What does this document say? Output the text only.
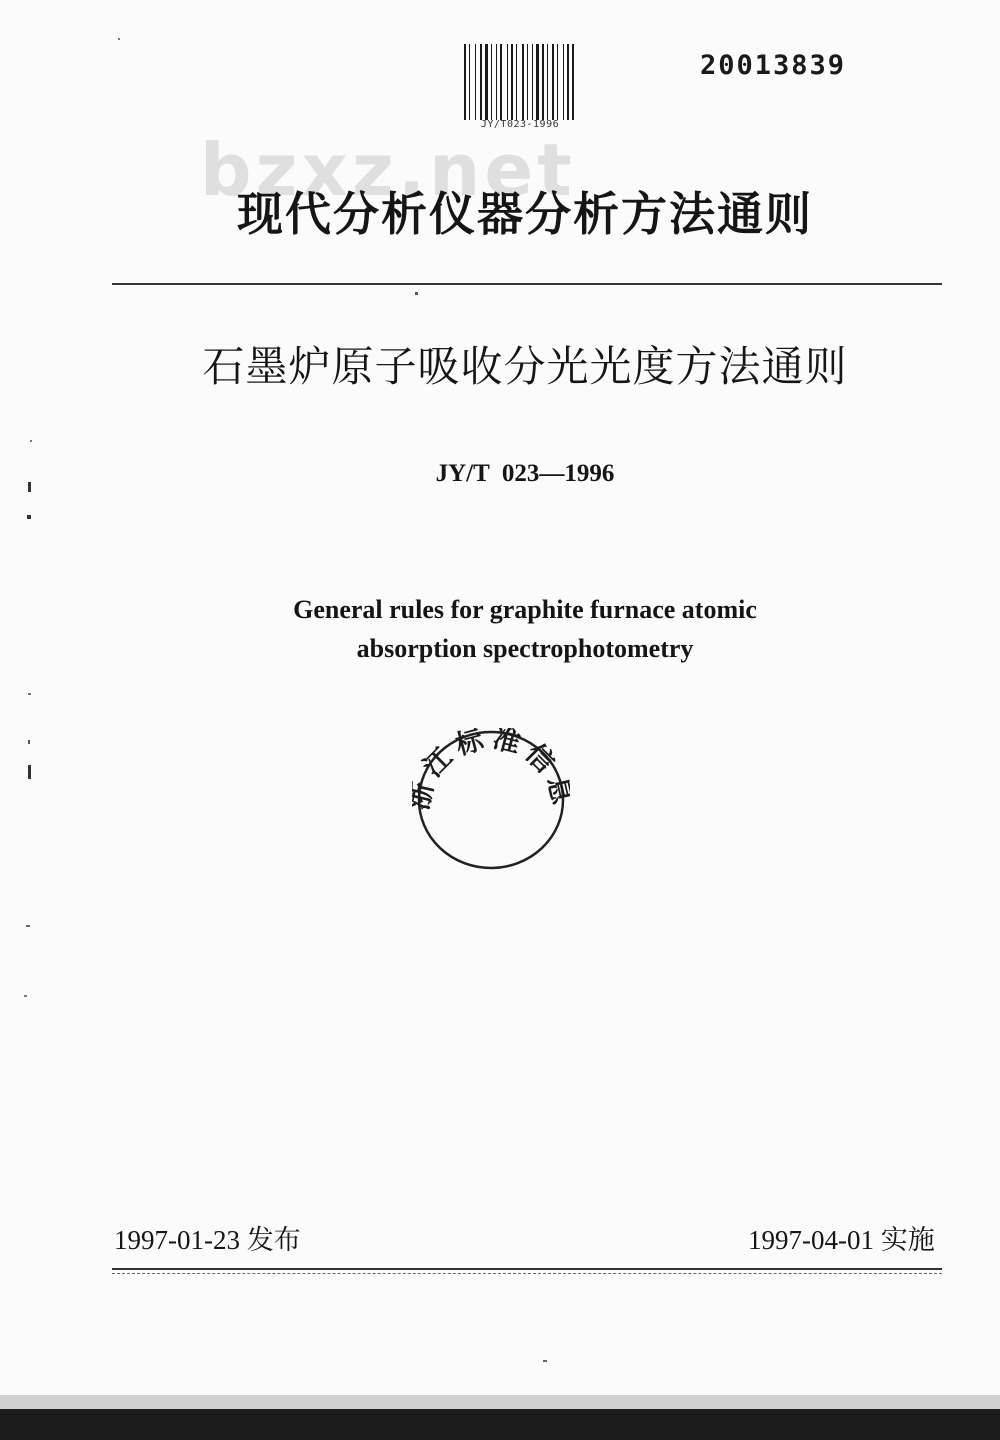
JY/T023-1996
20013839
bzxz.net
现代分析仪器分析方法通则
石墨炉原子吸收分光光度方法通则
JY/T  023—1996
General rules for graphite furnace atomic
absorption spectrophotometry
江标准信
1997-01-23 发布	1997-04-01 实施
